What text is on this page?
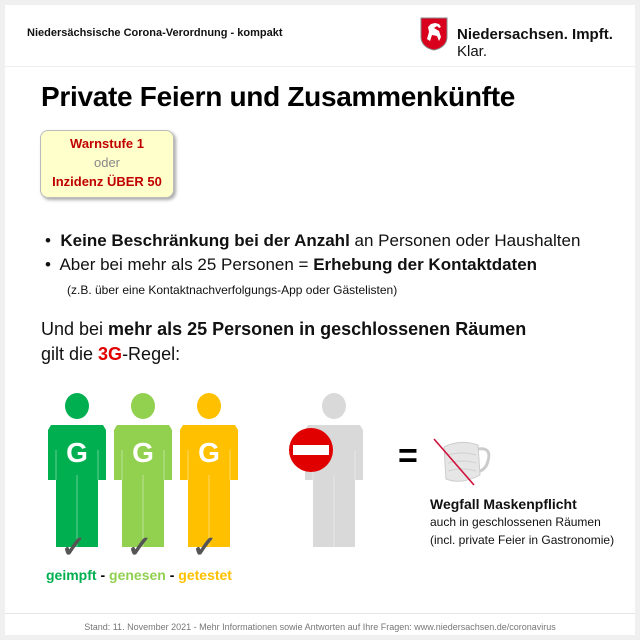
Niedersächsische Corona-Verordnung - kompakt	Niedersachsen. Impft. Klar.
Private Feiern und Zusammenkünfte
Warnstufe 1
oder
Inzidenz ÜBER 50
•  Keine Beschränkung bei der Anzahl an Personen oder Haushalten
•  Aber bei mehr als 25 Personen = Erhebung der Kontaktdaten
(z.B. über eine Kontaktnachverfolgungs-App oder Gästelisten)
Und bei mehr als 25 Personen in geschlossenen Räumen
gilt die 3G-Regel:
G G G
✓ ✓ ✓
geimpft - genesen - getestet
=
Wegfall Maskenpflicht
auch in geschlossenen Räumen
(incl. private Feier in Gastronomie)
Stand: 11. November 2021 - Mehr Informationen sowie Antworten auf Ihre Fragen: www.niedersachsen.de/coronavirus
